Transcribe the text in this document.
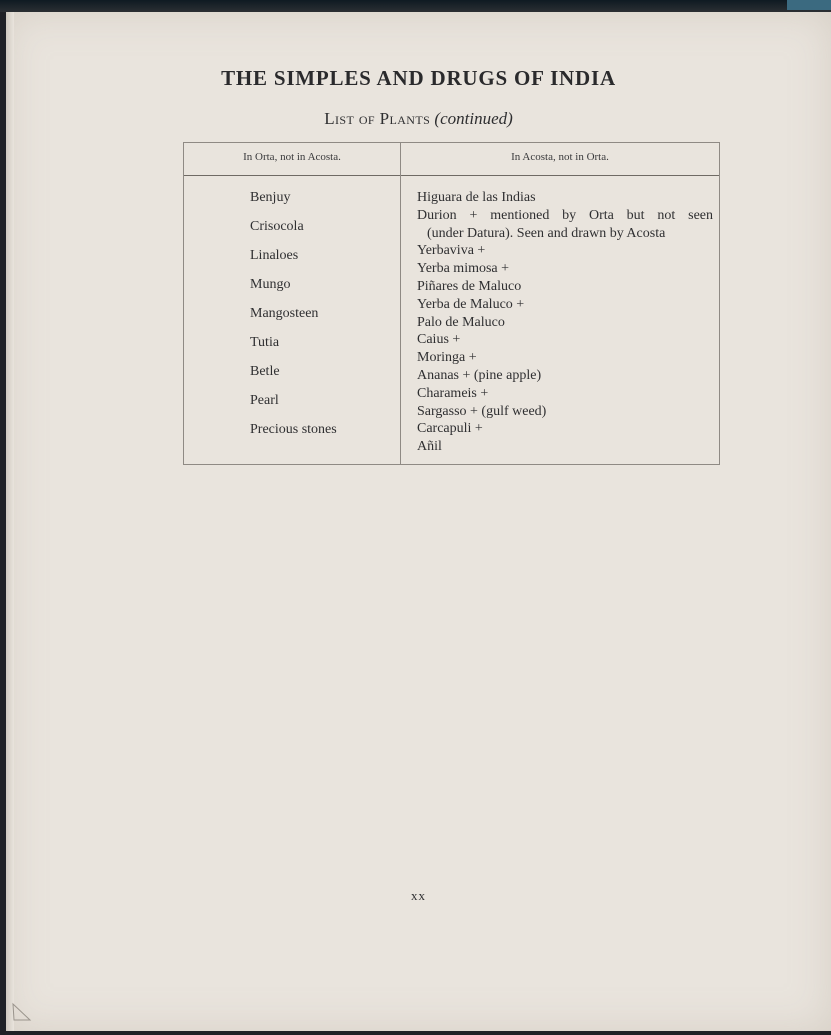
THE SIMPLES AND DRUGS OF INDIA
List of Plants (continued)
In Orta, not in Acosta.	In Acosta, not in Orta.
Benjuy
Crisocola
Linaloes
Mungo
Mangosteen
Tutia
Betle
Pearl
Precious stones
Higuara de las Indias
Durion + mentioned by Orta but not seen
(under Datura). Seen and drawn by Acosta
Yerbaviva +
Yerba mimosa +
Piñares de Maluco
Yerba de Maluco +
Palo de Maluco
Caius +
Moringa +
Ananas + (pine apple)
Charameis +
Sargasso + (gulf weed)
Carcapuli +
Añil
xx
